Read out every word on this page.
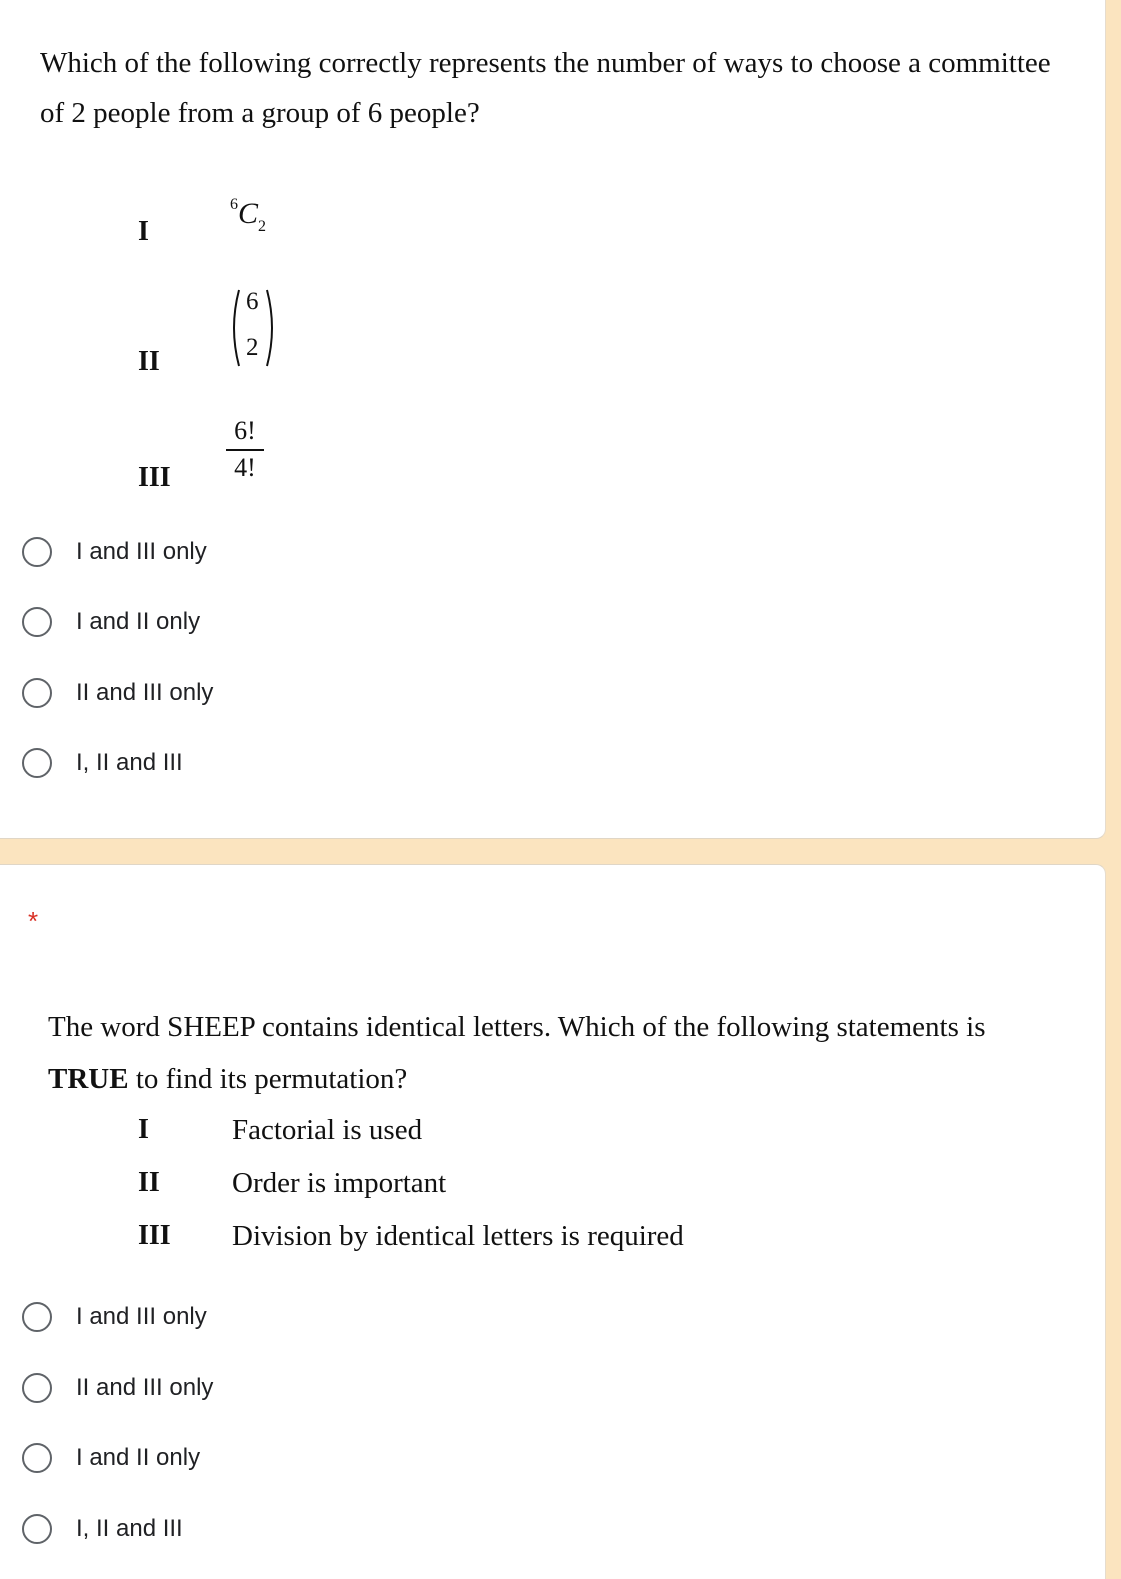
Which of the following correctly represents the number of ways to choose a committee
of 2 people from a group of 6 people?
I
$^6C_2$
II
6
2
III
6!
4!
I and III only
I and II only
II and III only
I, II and III
*
The word SHEEP contains identical letters. Which of the following statements is
TRUE to find its permutation?
I	Factorial is used
II Order is important
III Division by identical letters is required
I and III only
II and III only
I and II only
I, II and III
